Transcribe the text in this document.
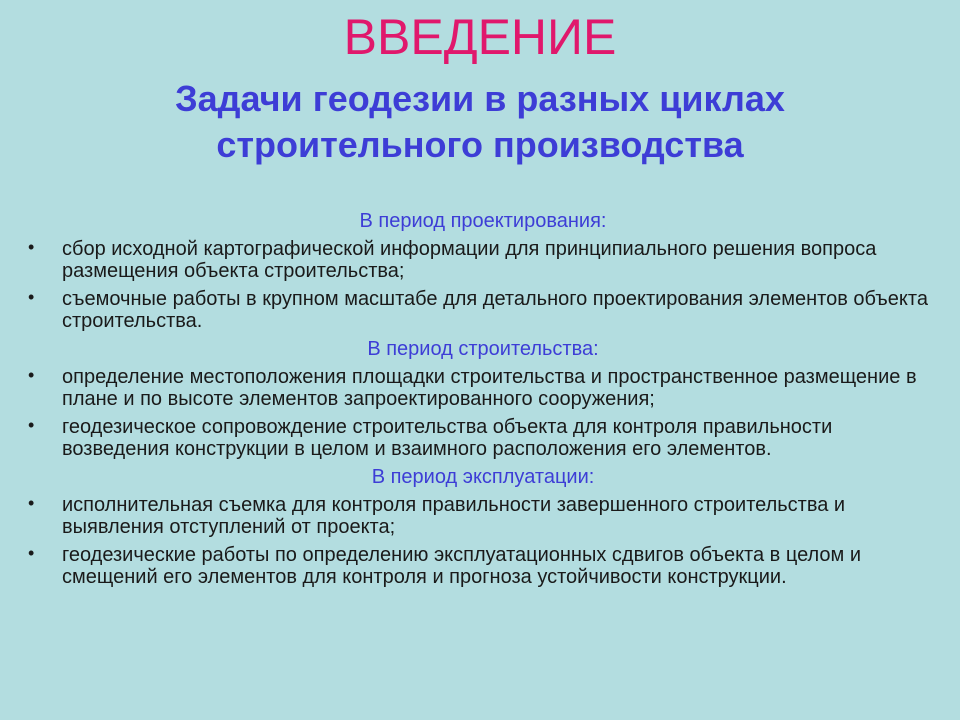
ВВЕДЕНИЕ
Задачи геодезии в разных циклах
строительного производства

В период проектирования:

• сбор исходной картографической информации для принципиального решения вопроса размещения объекта строительства;
• съемочные работы в крупном масштабе для детального проектирования элементов объекта строительства.

В период строительства:

• определение местоположения площадки строительства и пространственное размещение в плане и по высоте элементов запроектированного сооружения;
• геодезическое сопровождение строительства объекта для контроля правильности возведения конструкции в целом и взаимного расположения его элементов.

В период эксплуатации:

• исполнительная съемка для контроля правильности завершенного строительства и выявления отступлений от проекта;
• геодезические работы по определению эксплуатационных сдвигов объекта в целом и смещений его элементов для контроля и прогноза устойчивости конструкции.
